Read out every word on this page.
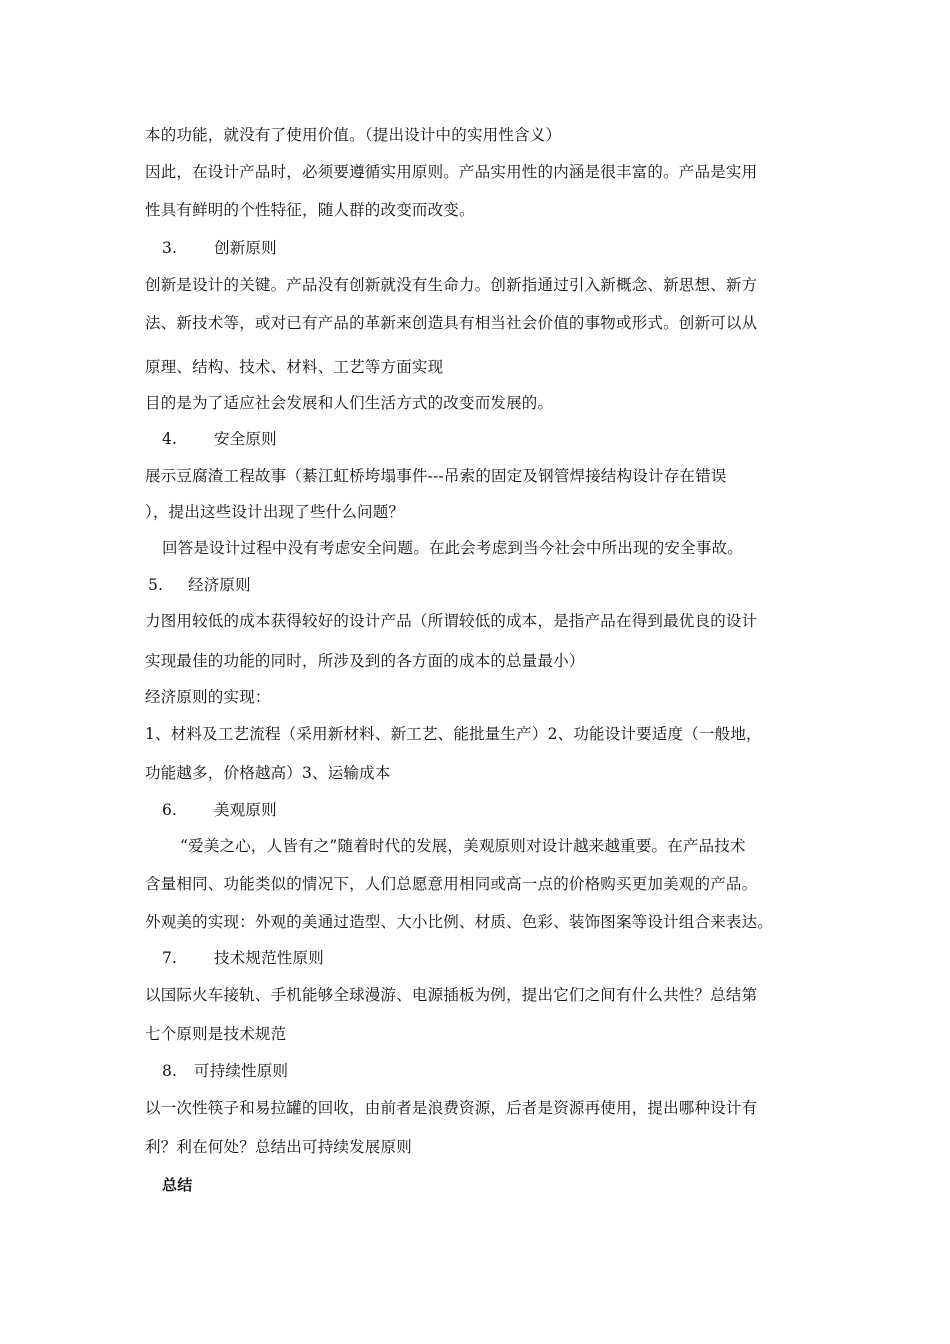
本的功能，就没有了使用价值。（提出设计中的实用性含义）
因此，在设计产品时，必须要遵循实用原则。产品实用性的内涵是很丰富的。产品是实用
性具有鲜明的个性特征，随人群的改变而改变。
3. 创新原则
创新是设计的关键。产品没有创新就没有生命力。创新指通过引入新概念、新思想、新方
法、新技术等，或对已有产品的革新来创造具有相当社会价值的事物或形式。创新可以从
原理、结构、技术、材料、工艺等方面实现
目的是为了适应社会发展和人们生活方式的改变而发展的。
4. 安全原则
展示豆腐渣工程故事（綦江虹桥垮塌事件---吊索的固定及钢管焊接结构设计存在错误
），提出这些设计出现了些什么问题？
回答是设计过程中没有考虑安全问题。在此会考虑到当今社会中所出现的安全事故。
5. 经济原则
力图用较低的成本获得较好的设计产品（所谓较低的成本，是指产品在得到最优良的设计
实现最佳的功能的同时，所涉及到的各方面的成本的总量最小）
经济原则的实现：
1、材料及工艺流程（采用新材料、新工艺、能批量生产）2、功能设计要适度（一般地，
功能越多，价格越高）3、运输成本
6. 美观原则
“爱美之心，人皆有之”随着时代的发展，美观原则对设计越来越重要。在产品技术
含量相同、功能类似的情况下，人们总愿意用相同或高一点的价格购买更加美观的产品。
外观美的实现：外观的美通过造型、大小比例、材质、色彩、装饰图案等设计组合来表达。
7. 技术规范性原则
以国际火车接轨、手机能够全球漫游、电源插板为例，提出它们之间有什么共性？总结第
七个原则是技术规范
8. 可持续性原则
以一次性筷子和易拉罐的回收，由前者是浪费资源，后者是资源再使用，提出哪种设计有
利？利在何处？总结出可持续发展原则
总结
